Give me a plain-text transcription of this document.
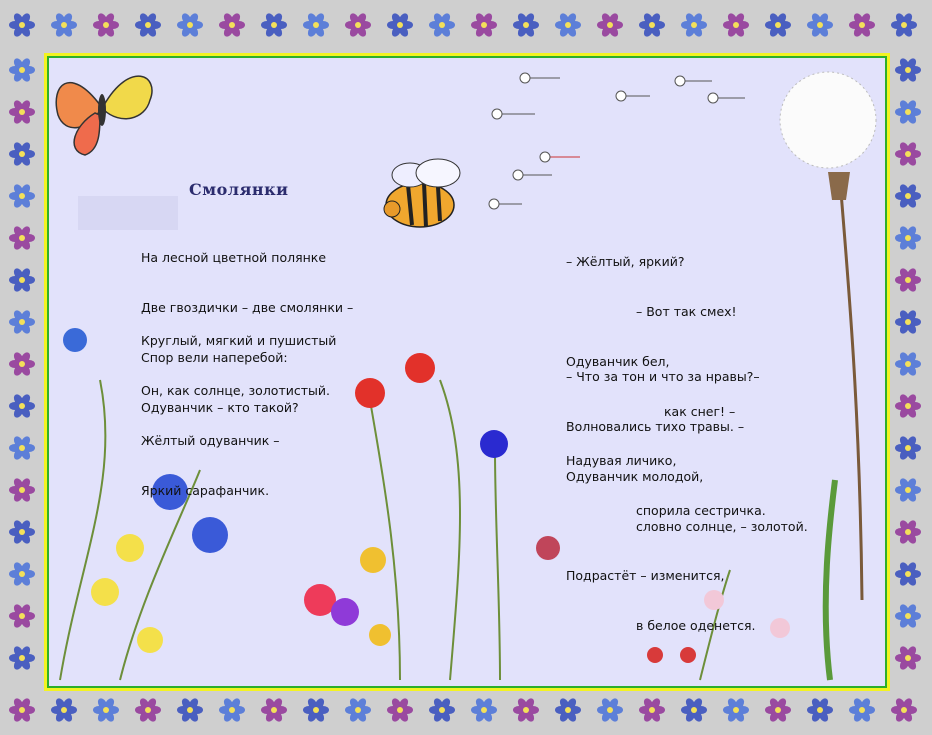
Смолянки

На лесной цветной полянке

Две гвоздички – две смолянки –

Спор вели наперебой:

Одуванчик – кто такой?

Круглый, мягкий и пушистый

Он, как солнце, золотистый.

Жёлтый одуванчик –

Яркий сарафанчик.

– Жёлтый, яркий?

– Вот так смех!

Одуванчик бел,

как снег! –

Надувая личико,

спорила сестричка.

– Что за тон и что за нравы?–

Волновались тихо травы. –

Одуванчик молодой,

словно солнце, – золотой.

Подрастёт – изменится,

в белое оденется.
